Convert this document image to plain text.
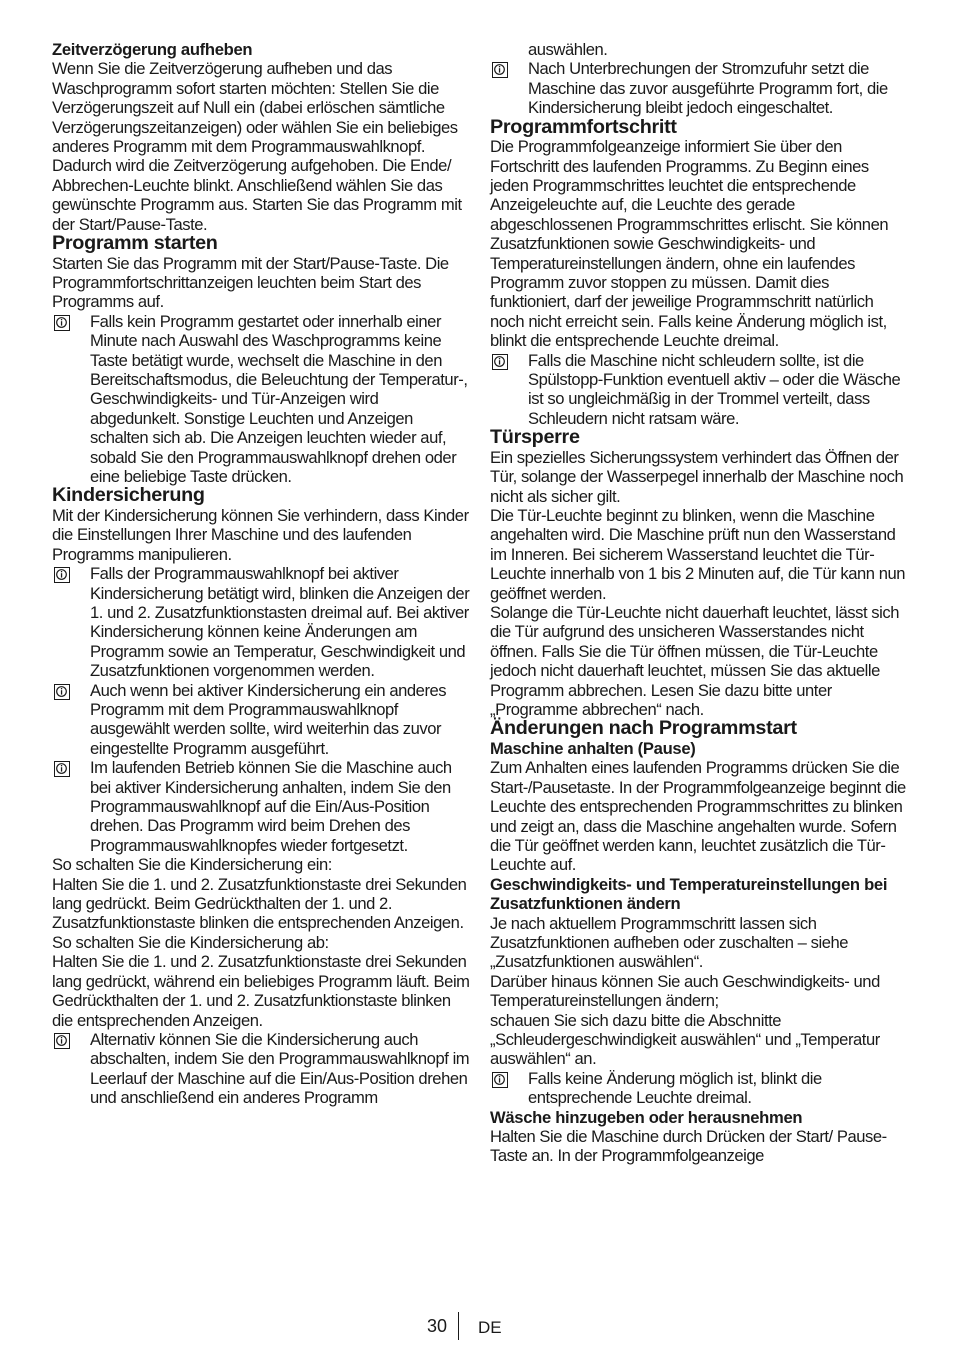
Zeitverzögerung aufheben

Wenn Sie die Zeitverzögerung aufheben und das Waschprogramm sofort starten möchten: Stellen Sie die Verzögerungszeit auf Null ein (dabei erlöschen sämtliche Verzögerungszeitanzeigen) oder wählen Sie ein beliebiges anderes Programm mit dem Programmauswahlknopf. Dadurch wird die Zeitverzögerung aufgehoben. Die Ende/ Abbrechen-Leuchte blinkt. Anschließend wählen Sie das gewünschte Programm aus. Starten Sie das Programm mit der Start/Pause-Taste.

Programm starten

Starten Sie das Programm mit der Start/Pause-Taste. Die Programmfortschrittanzeigen leuchten beim Start des Programms auf.

Falls kein Programm gestartet oder innerhalb einer Minute nach Auswahl des Waschprogramms keine Taste betätigt wurde, wechselt die Maschine in den Bereitschaftsmodus, die Beleuchtung der Temperatur-, Geschwindigkeits- und Tür-Anzeigen wird abgedunkelt. Sonstige Leuchten und Anzeigen schalten sich ab. Die Anzeigen leuchten wieder auf, sobald Sie den Programmauswahlknopf drehen oder eine beliebige Taste drücken.

Kindersicherung

Mit der Kindersicherung können Sie verhindern, dass Kinder die Einstellungen Ihrer Maschine und des laufenden Programms manipulieren.

Falls der Programmauswahlknopf bei aktiver Kindersicherung betätigt wird, blinken die Anzeigen der 1. und 2. Zusatzfunktionstasten dreimal auf. Bei aktiver Kindersicherung können keine Änderungen am Programm sowie an Temperatur, Geschwindigkeit und Zusatzfunktionen vorgenommen werden.
Auch wenn bei aktiver Kindersicherung ein anderes Programm mit dem Programmauswahlknopf ausgewählt werden sollte, wird weiterhin das zuvor eingestellte Programm ausgeführt.
Im laufenden Betrieb können Sie die Maschine auch bei aktiver Kindersicherung anhalten, indem Sie den Programmauswahlknopf auf die Ein/Aus-Position drehen. Das Programm wird beim Drehen des Programmauswahlknopfes wieder fortgesetzt.

So schalten Sie die Kindersicherung ein:

Halten Sie die 1. und 2. Zusatzfunktionstaste drei Sekunden lang gedrückt. Beim Gedrückthalten der 1. und 2. Zusatzfunktionstaste blinken die entsprechenden Anzeigen.

So schalten Sie die Kindersicherung ab:

Halten Sie die 1. und 2. Zusatzfunktionstaste drei Sekunden lang gedrückt, während ein beliebiges Programm läuft. Beim Gedrückthalten der 1. und 2. Zusatzfunktionstaste blinken die entsprechenden Anzeigen.

Alternativ können Sie die Kindersicherung auch abschalten, indem Sie den Programmauswahlknopf im Leerlauf der Maschine auf die Ein/Aus-Position drehen und anschließend ein anderes Programm

auswählen.

Nach Unterbrechungen der Stromzufuhr setzt die Maschine das zuvor ausgeführte Programm fort, die Kindersicherung bleibt jedoch eingeschaltet.

Programmfortschritt

Die Programmfolgeanzeige informiert Sie über den Fortschritt des laufenden Programms. Zu Beginn eines jeden Programmschrittes leuchtet die entsprechende Anzeigeleuchte auf, die Leuchte des gerade abgeschlossenen Programmschrittes erlischt. Sie können Zusatzfunktionen sowie Geschwindigkeits- und Temperatureinstellungen ändern, ohne ein laufendes Programm zuvor stoppen zu müssen. Damit dies funktioniert, darf der jeweilige Programmschritt natürlich noch nicht erreicht sein. Falls keine Änderung möglich ist, blinkt die entsprechende Leuchte dreimal.

Falls die Maschine nicht schleudern sollte, ist die Spülstopp-Funktion eventuell aktiv – oder die Wäsche ist so ungleichmäßig in der Trommel verteilt, dass Schleudern nicht ratsam wäre.

Türsperre

Ein spezielles Sicherungssystem verhindert das Öffnen der Tür, solange der Wasserpegel innerhalb der Maschine noch nicht als sicher gilt.

Die Tür-Leuchte beginnt zu blinken, wenn die Maschine angehalten wird. Die Maschine prüft nun den Wasserstand im Inneren. Bei sicherem Wasserstand leuchtet die Tür-Leuchte innerhalb von 1 bis 2 Minuten auf, die Tür kann nun geöffnet werden.

Solange die Tür-Leuchte nicht dauerhaft leuchtet, lässt sich die Tür aufgrund des unsicheren Wasserstandes nicht öffnen. Falls Sie die Tür öffnen müssen, die Tür-Leuchte jedoch nicht dauerhaft leuchtet, müssen Sie das aktuelle Programm abbrechen. Lesen Sie dazu bitte unter „Programme abbrechen“ nach.

Änderungen nach Programmstart

Maschine anhalten (Pause)

Zum Anhalten eines laufenden Programms drücken Sie die Start-/Pausetaste. In der Programmfolgeanzeige beginnt die Leuchte des entsprechenden Programmschrittes zu blinken und zeigt an, dass die Maschine angehalten wurde. Sofern die Tür geöffnet werden kann, leuchtet zusätzlich die Tür-Leuchte auf.

Geschwindigkeits- und Temperatureinstellungen bei Zusatzfunktionen ändern

Je nach aktuellem Programmschritt lassen sich Zusatzfunktionen aufheben oder zuschalten – siehe „Zusatzfunktionen auswählen“.

Darüber hinaus können Sie auch Geschwindigkeits- und Temperatureinstellungen ändern;

schauen Sie sich dazu bitte die Abschnitte „Schleudergeschwindigkeit auswählen“ und „Temperatur auswählen“ an.

Falls keine Änderung möglich ist, blinkt die entsprechende Leuchte dreimal.

Wäsche hinzugeben oder herausnehmen

Halten Sie die Maschine durch Drücken der Start/ Pause-Taste an. In der Programmfolgeanzeige

30 DE
